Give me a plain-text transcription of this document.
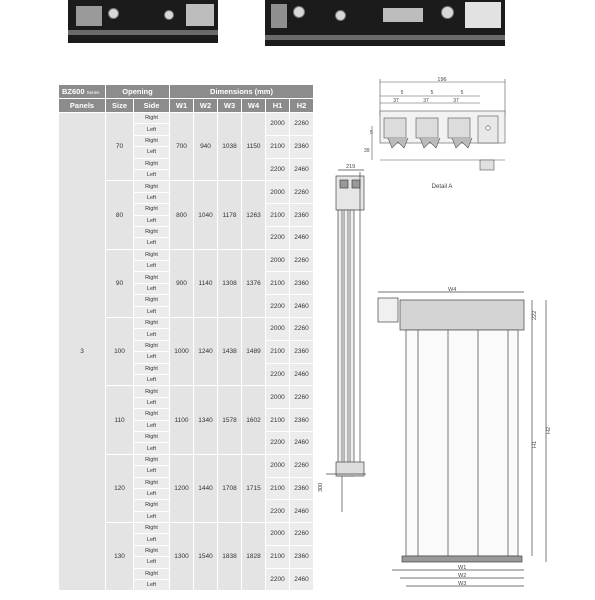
BZ600 Series	Opening		Dimensions (mm)					
Panels	Size	Side	W1	W2	W3	W4	H1	H2
3	70	Right	700	940	1038	1150	2000	2260
		Left						
		Right					2100	2360
		Left						
		Right					2200	2460
		Left						
	80	Right	800	1040	1178	1263	2000	2260
		Left						
		Right					2100	2360
		Left						
		Right					2200	2460
		Left						
	90	Right	900	1140	1308	1376	2000	2260
		Left						
		Right					2100	2360
		Left						
		Right					2200	2460
		Left						
	100	Right	1000	1240	1438	1489	2000	2260
		Left						
		Right					2100	2360
		Left						
		Right					2200	2460
		Left						
	110	Right	1100	1340	1578	1602	2000	2260
		Left						
		Right					2100	2360
		Left						
		Right					2200	2460
		Left						
	120	Right	1200	1440	1708	1715	2000	2260
		Left						
		Right					2100	2360
		Left						
		Right					2200	2460
		Left						
	130	Right	1300	1540	1838	1828	2000	2260
		Left						
		Right					2100	2360
		Left						
		Right					2200	2460
		Left						
196
5	5	5
37	37	37
5
39
Detail A
219
300
W4
W1
W2
W3
H1
H2
222
